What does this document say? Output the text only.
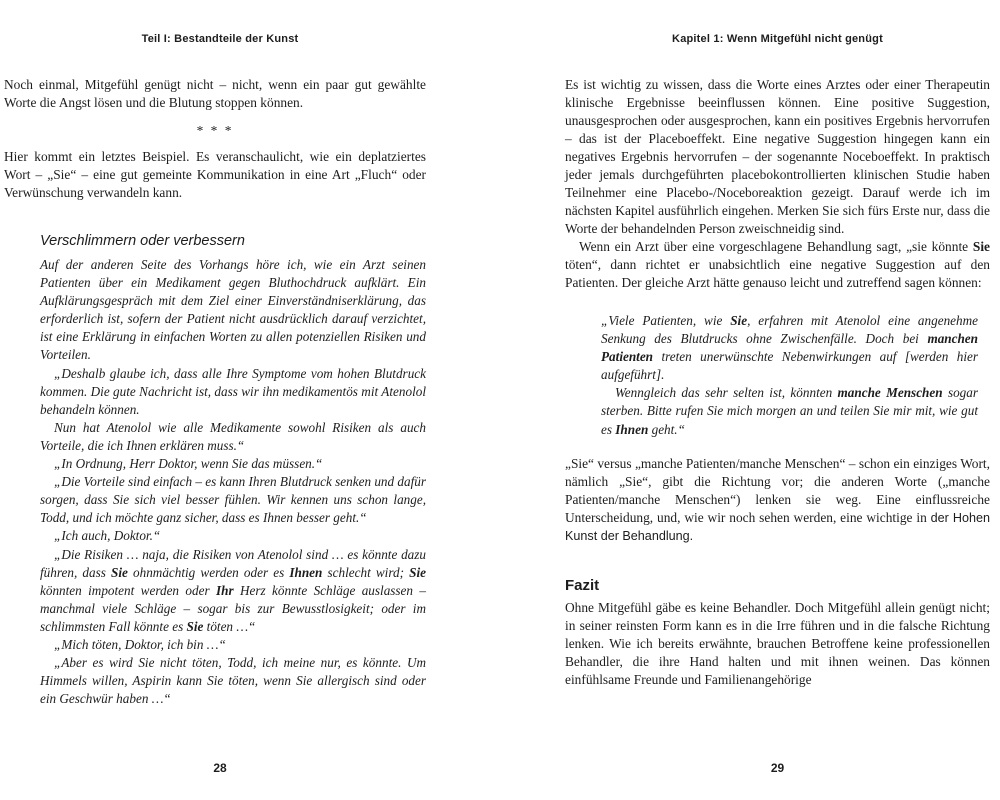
Teil I: Bestandteile der Kunst

Noch einmal, Mitgefühl genügt nicht – nicht, wenn ein paar gut gewählte Worte die Angst lösen und die Blutung stoppen können.

* * *

Hier kommt ein letztes Beispiel. Es veranschaulicht, wie ein deplatziertes Wort – „Sie“ – eine gut gemeinte Kommunikation in eine Art „Fluch“ oder Verwünschung verwandeln kann.

Verschlimmern oder verbessern

Auf der anderen Seite des Vorhangs höre ich, wie ein Arzt seinen Patienten über ein Medikament gegen Bluthochdruck aufklärt. Ein Aufklärungsgespräch mit dem Ziel einer Einverständniserklärung, das erforderlich ist, sofern der Patient nicht ausdrücklich darauf verzichtet, ist eine Erklärung in einfachen Worten zu allen potenziellen Risiken und Vorteilen.

„Deshalb glaube ich, dass alle Ihre Symptome vom hohen Blutdruck kommen. Die gute Nachricht ist, dass wir ihn medikamentös mit Atenolol behandeln können.

Nun hat Atenolol wie alle Medikamente sowohl Risiken als auch Vorteile, die ich Ihnen erklären muss.“

„In Ordnung, Herr Doktor, wenn Sie das müssen.“

„Die Vorteile sind einfach – es kann Ihren Blutdruck senken und dafür sorgen, dass Sie sich viel besser fühlen. Wir kennen uns schon lange, Todd, und ich möchte ganz sicher, dass es Ihnen besser geht.“

„Ich auch, Doktor.“

„Die Risiken … naja, die Risiken von Atenolol sind … es könnte dazu führen, dass Sie ohnmächtig werden oder es Ihnen schlecht wird; Sie könnten impotent werden oder Ihr Herz könnte Schläge auslassen – manchmal viele Schläge – sogar bis zur Bewusstlosigkeit; oder im schlimmsten Fall könnte es Sie töten …“

„Mich töten, Doktor, ich bin …“

„Aber es wird Sie nicht töten, Todd, ich meine nur, es könnte. Um Himmels willen, Aspirin kann Sie töten, wenn Sie allergisch sind oder ein Geschwür haben …“

28
Kapitel 1: Wenn Mitgefühl nicht genügt

Es ist wichtig zu wissen, dass die Worte eines Arztes oder einer Therapeutin klinische Ergebnisse beeinflussen können. Eine positive Suggestion, unausgesprochen oder ausgesprochen, kann ein positives Ergebnis hervorrufen – das ist der Placeboeffekt. Eine negative Suggestion hingegen kann ein negatives Ergebnis hervorrufen – der sogenannte Noceboeffekt. In praktisch jeder jemals durchgeführten placebokontrollierten klinischen Studie haben Teilnehmer eine Placebo-/Noceboreaktion gezeigt. Darauf werde ich im nächsten Kapitel ausführlich eingehen. Merken Sie sich fürs Erste nur, dass die Worte der behandelnden Person zweischneidig sind.

Wenn ein Arzt über eine vorgeschlagene Behandlung sagt, „sie könnte Sie töten“, dann richtet er unabsichtlich eine negative Suggestion auf den Patienten. Der gleiche Arzt hätte genauso leicht und zutreffend sagen können:

„Viele Patienten, wie Sie, erfahren mit Atenolol eine angenehme Senkung des Blutdrucks ohne Zwischenfälle. Doch bei manchen Patienten treten unerwünschte Nebenwirkungen auf [werden hier aufgeführt].

Wenngleich das sehr selten ist, könnten manche Menschen sogar sterben. Bitte rufen Sie mich morgen an und teilen Sie mir mit, wie gut es Ihnen geht.“

„Sie“ versus „manche Patienten/manche Menschen“ – schon ein einziges Wort, nämlich „Sie“, gibt die Richtung vor; die anderen Worte („manche Patienten/manche Menschen“) lenken sie weg. Eine einflussreiche Unterscheidung, und, wie wir noch sehen werden, eine wichtige in der Hohen Kunst der Behandlung.

Fazit

Ohne Mitgefühl gäbe es keine Behandler. Doch Mitgefühl allein genügt nicht; in seiner reinsten Form kann es in die Irre führen und in die falsche Richtung lenken. Wie ich bereits erwähnte, brauchen Betroffene keine professionellen Behandler, die ihre Hand halten und mit ihnen weinen. Das können einfühlsame Freunde und Familienangehörige

29
